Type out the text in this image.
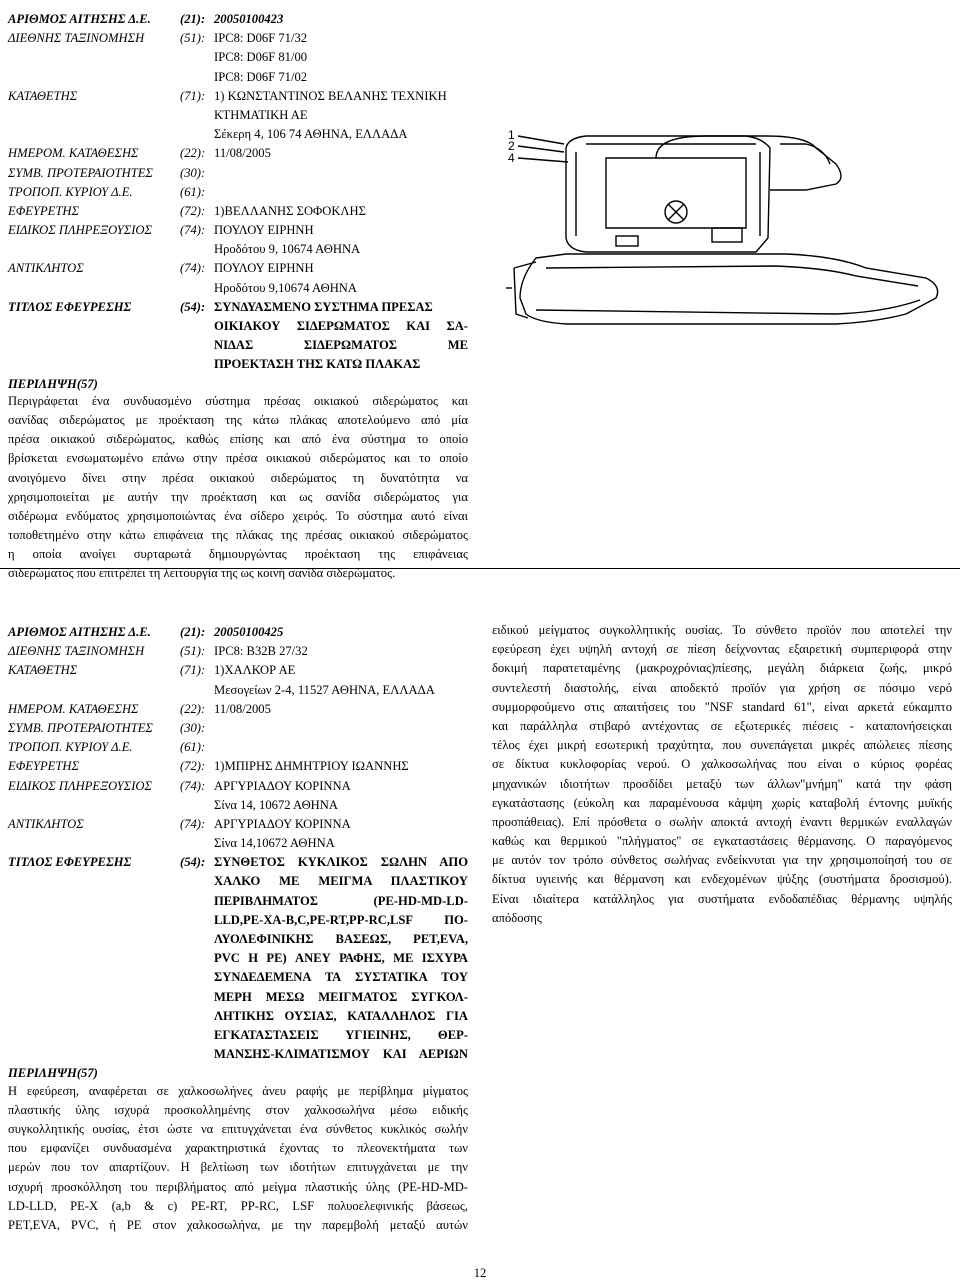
ΑΡΙΘΜΟΣ ΑΙΤΗΣΗΣ Δ.Ε. (21): 20050100423
ΔΙΕΘΝΗΣ ΤΑΞΙΝΟΜΗΣΗ	(51): IPC8: D06F 71/32
IPC8: D06F 81/00
IPC8: D06F 71/02
ΚΑΤΑΘΕΤΗΣ	(71): 1) ΚΩΝΣΤΑΝΤΙΝΟΣ ΒΕΛΑΝΗΣ ΤΕΧΝΙΚΗ
ΚΤΗΜΑΤΙΚΗ ΑΕ
Σέκερη 4, 106 74 ΑΘΗΝΑ, ΕΛΛΑΔΑ
ΗΜΕΡΟΜ. ΚΑΤΑΘΕΣΗΣ	(22): 11/08/2005
ΣΥΜΒ. ΠΡΟΤΕΡΑΙΟΤΗΤΕΣ (30):
ΤΡΟΠΟΠ. ΚΥΡΙΟΥ Δ.Ε.	(61):
ΕΦΕΥΡΕΤΗΣ	(72): 1)ΒΕΛΛΑΝΗΣ ΣΟΦΟΚΛΗΣ
ΕΙΔΙΚΟΣ ΠΛΗΡΕΞΟΥΣΙΟΣ (74): ΠΟΥΛΟΥ ΕΙΡΗΝΗ
Ηροδότου 9, 10674 ΑΘΗΝΑ
ΑΝΤΙΚΛΗΤΟΣ	(74): ΠΟΥΛΟΥ ΕΙΡΗΝΗ
Ηροδότου 9,10674 ΑΘΗΝΑ
ΤΙΤΛΟΣ ΕΦΕΥΡΕΣΗΣ	(54): ΣΥΝΔΥΑΣΜΕΝΟ ΣΥΣΤΗΜΑ ΠΡΕΣΑΣ
ΟΙΚΙΑΚΟΥ ΣΙΔΕΡΩΜΑΤΟΣ ΚΑΙ ΣΑ-
ΝΙΔΑΣ ΣΙΔΕΡΩΜΑΤΟΣ ΜΕ
ΠΡΟΕΚΤΑΣΗ ΤΗΣ ΚΑΤΩ ΠΛΑΚΑΣ
ΠΕΡΙΛΗΨΗ(57)
Περιγράφεται ένα συνδυασμένο σύστημα πρέσας οικιακού σιδερώματος και
σανίδας σιδερώματος με προέκταση της κάτω πλάκας αποτελούμενο από μία
πρέσα οικιακού σιδερώματος, καθώς επίσης και από ένα σύστημα το οποίο
βρίσκεται ενσωματωμένο επάνω στην πρέσα οικιακού σιδερώματος και το οποίο
ανοιγόμενο δίνει στην πρέσα οικιακού σιδερώματος τη δυνατότητα να
χρησιμοποιείται με αυτήν την προέκταση και ως σανίδα σιδερώματος για
σιδέρωμα ενδύματος χρησιμοποιώντας ένα σίδερο χειρός. Το σύστημα αυτό είναι
τοποθετημένο στην κάτω επιφάνεια της πλάκας της πρέσας οικιακού σιδερώματος
η οποία ανοίγει συρταρωτά δημιουργώντας προέκταση της επιφάνειας
σιδερώματος που επιτρέπει τη λειτουργία της ως κοινή σανίδα σιδερώματος.
1
2
4
ΑΡΙΘΜΟΣ ΑΙΤΗΣΗΣ Δ.Ε. (21): 20050100425
ΔΙΕΘΝΗΣ ΤΑΞΙΝΟΜΗΣΗ	(51): IPC8: B32B 27/32
ΚΑΤΑΘΕΤΗΣ	(71): 1)ΧΑΛΚΟΡ ΑΕ
Μεσογείων 2-4, 11527 ΑΘΗΝΑ, ΕΛΛΑΔΑ
ΗΜΕΡΟΜ. ΚΑΤΑΘΕΣΗΣ	(22): 11/08/2005
ΣΥΜΒ. ΠΡΟΤΕΡΑΙΟΤΗΤΕΣ (30):
ΤΡΟΠΟΠ. ΚΥΡΙΟΥ Δ.Ε.	(61):
ΕΦΕΥΡΕΤΗΣ	(72): 1)ΜΠΙΡΗΣ ΔΗΜΗΤΡΙΟΥ ΙΩΑΝΝΗΣ
ΕΙΔΙΚΟΣ ΠΛΗΡΕΞΟΥΣΙΟΣ (74): ΑΡΓΥΡΙΑΔΟΥ ΚΟΡΙΝΝΑ
Σίνα 14, 10672 ΑΘΗΝΑ
ΑΝΤΙΚΛΗΤΟΣ	(74): ΑΡΓΥΡΙΑΔΟΥ ΚΟΡΙΝΝΑ
Σίνα 14,10672 ΑΘΗΝΑ
ΤΙΤΛΟΣ ΕΦΕΥΡΕΣΗΣ	(54): ΣΥΝΘΕΤΟΣ ΚΥΚΛΙΚΟΣ ΣΩΛΗΝ ΑΠΟ
ΧΑΛΚΟ ΜΕ ΜΕΙΓΜΑ ΠΛΑΣΤΙΚΟΥ
ΠΕΡΙΒΛΗΜΑΤΟΣ (PE-HD-MD-LD-
LLD,PE-XA-B,C,PE-RT,PP-RC,LSF ΠΟ-
ΛΥΟΛΕΦΙΝΙΚΗΣ ΒΑΣΕΩΣ, PET,EVA,
PVC Η PE) ΑΝΕΥ ΡΑΦΗΣ, ΜΕ ΙΣΧΥΡΑ
ΣΥΝΔΕΔΕΜΕΝΑ ΤΑ ΣΥΣΤΑΤΙΚΑ ΤΟΥ
ΜΕΡΗ ΜΕΣΩ ΜΕΙΓΜΑΤΟΣ ΣΥΓΚΟΛ-
ΛΗΤΙΚΗΣ ΟΥΣΙΑΣ, ΚΑΤΑΛΛΗΛΟΣ ΓΙΑ
ΕΓΚΑΤΑΣΤΑΣΕΙΣ ΥΓΙΕΙΝΗΣ, ΘΕΡ-
ΜΑΝΣΗΣ-ΚΛΙΜΑΤΙΣΜΟΥ ΚΑΙ ΑΕΡΙΩΝ
ΠΕΡΙΛΗΨΗ(57)
Η εφεύρεση, αναφέρεται σε χαλκοσωλήνες άνευ ραφής με περίβλημα μίγματος
πλαστικής ύλης ισχυρά προσκολλημένης στον χαλκοσωλήνα μέσω ειδικής
συγκολλητικής ουσίας, έτσι ώστε να επιτυγχάνεται ένα σύνθετος κυκλικός σωλήν
που εμφανίζει συνδυασμένα χαρακτηριστικά έχοντας το πλεονεκτήματα των
μερών που τον απαρτίζουν. Η βελτίωση των ιδοτήτων επιτυγχάνεται με την
ισχυρή προσκόλληση του περιβλήματος από μείγμα πλαστικής ύλης (PE-HD-MD-
LD-LLD, PE-X (a,b & c) PE-RT, PP-RC, LSF πολυοελεφινικής βάσεως,
PET,EVA, PVC, ή PE στον χαλκοσωλήνα, με την παρεμβολή μεταξύ αυτών
ειδικού μείγματος συγκολλητικής ουσίας. Το σύνθετο προϊόν που αποτελεί την
εφεύρεση έχει υψηλή αντοχή σε πίεση δείχνοντας εξαιρετική συμπεριφορά στην
δοκιμή παρατεταμένης (μακροχρόνιας)πίεσης, μεγάλη διάρκεια ζωής, μικρό
συντελεστή διαστολής, είναι αποδεκτό προϊόν για χρήση σε πόσιμο νερό
συμμορφούμενο στις απαιτήσεις του "NSF standard 61", είναι αρκετά εύκαμπτο
και παράλληλα στιβαρό αντέχοντας σε εξωτερικές πιέσεις - καταπονήσειςκαι
τέλος έχει μικρή εσωτερική τραχύτητα, που συνεπάγεται μικρές απώλειες πίεσης
σε δίκτυα κυκλοφορίας νερού. Ο χαλκοσωλήνας που είναι ο κύριος φορέας
μηχανικών ιδιοτήτων προσδίδει μεταξύ των άλλων"μνήμη" κατά την φάση
εγκατάστασης (εύκολη και παραμένουσα κάμψη χωρίς καταβολή έντονης μυϊκής
προσπάθειας). Επί πρόσθετα ο σωλήν αποκτά αντοχή έναντι θερμικών εναλλαγών
καθώς και θερμικού "πλήγματος" σε εγκαταστάσεις θέρμανσης. Ο παραγόμενος
με αυτόν τον τρόπο σύνθετος σωλήνας ενδείκνυται για την χρησιμοποίησή του σε
δίκτυα υγιεινής και θέρμανση και ενδεχομένων ψύξης (συστήματα δροσισμού).
Είναι ιδιαίτερα κατάλληλος για συστήματα ενδοδαπέδιας θέρμανης υψηλής
απόδοσης
12
